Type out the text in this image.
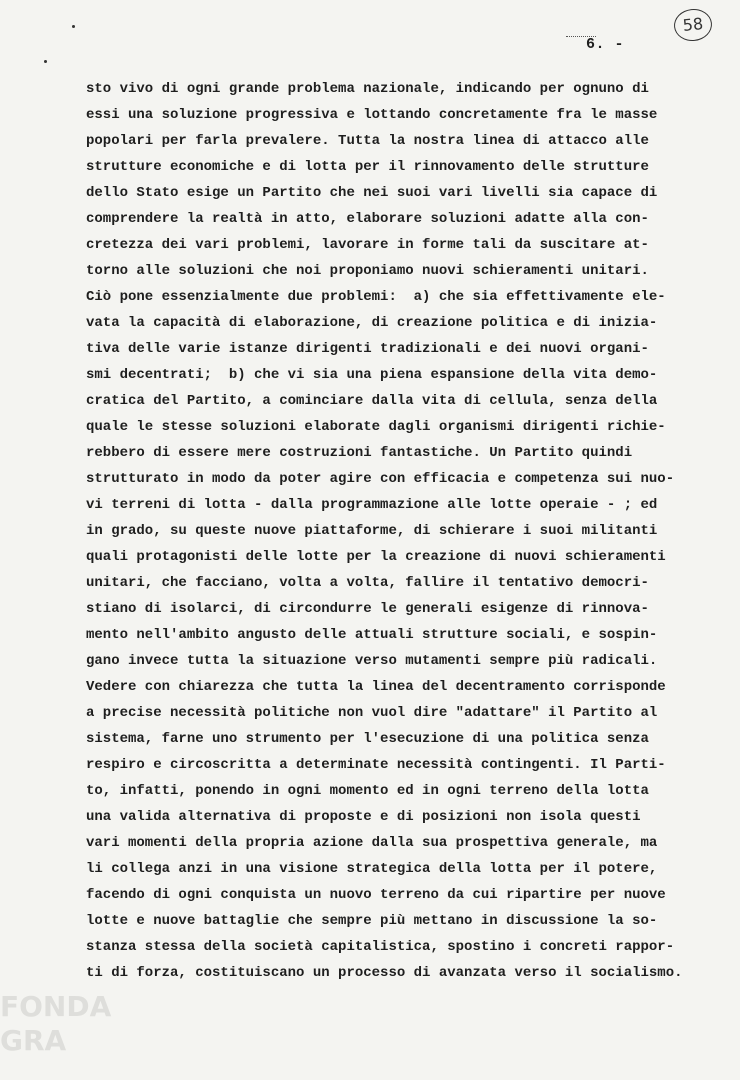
6. -
58
sto vivo di ogni grande problema nazionale, indicando per ognuno di
essi una soluzione progressiva e lottando concretamente fra le masse
popolari per farla prevalere. Tutta la nostra linea di attacco alle
strutture economiche e di lotta per il rinnovamento delle strutture
dello Stato esige un Partito che nei suoi vari livelli sia capace di
comprendere la realtà in atto, elaborare soluzioni adatte alla con-
cretezza dei vari problemi, lavorare in forme tali da suscitare at-
torno alle soluzioni che noi proponiamo nuovi schieramenti unitari.
Ciò pone essenzialmente due problemi:  a) che sia effettivamente ele-
vata la capacità di elaborazione, di creazione politica e di inizia-
tiva delle varie istanze dirigenti tradizionali e dei nuovi organi-
smi decentrati;  b) che vi sia una piena espansione della vita demo-
cratica del Partito, a cominciare dalla vita di cellula, senza della
quale le stesse soluzioni elaborate dagli organismi dirigenti richie-
rebbero di essere mere costruzioni fantastiche. Un Partito quindi
strutturato in modo da poter agire con efficacia e competenza sui nuo-
vi terreni di lotta - dalla programmazione alle lotte operaie - ; ed
in grado, su queste nuove piattaforme, di schierare i suoi militanti
quali protagonisti delle lotte per la creazione di nuovi schieramenti
unitari, che facciano, volta a volta, fallire il tentativo democri-
stiano di isolarci, di circondurre le generali esigenze di rinnova-
mento nell'ambito angusto delle attuali strutture sociali, e sospin-
gano invece tutta la situazione verso mutamenti sempre più radicali.
Vedere con chiarezza che tutta la linea del decentramento corrisponde
a precise necessità politiche non vuol dire "adattare" il Partito al
sistema, farne uno strumento per l'esecuzione di una politica senza
respiro e circoscritta a determinate necessità contingenti. Il Parti-
to, infatti, ponendo in ogni momento ed in ogni terreno della lotta
una valida alternativa di proposte e di posizioni non isola questi
vari momenti della propria azione dalla sua prospettiva generale, ma
li collega anzi in una visione strategica della lotta per il potere,
facendo di ogni conquista un nuovo terreno da cui ripartire per nuove
lotte e nuove battaglie che sempre più mettano in discussione la so-
stanza stessa della società capitalistica, spostino i concreti rappor-
ti di forza, costituiscano un processo di avanzata verso il socialismo.
FONDA
GRA
